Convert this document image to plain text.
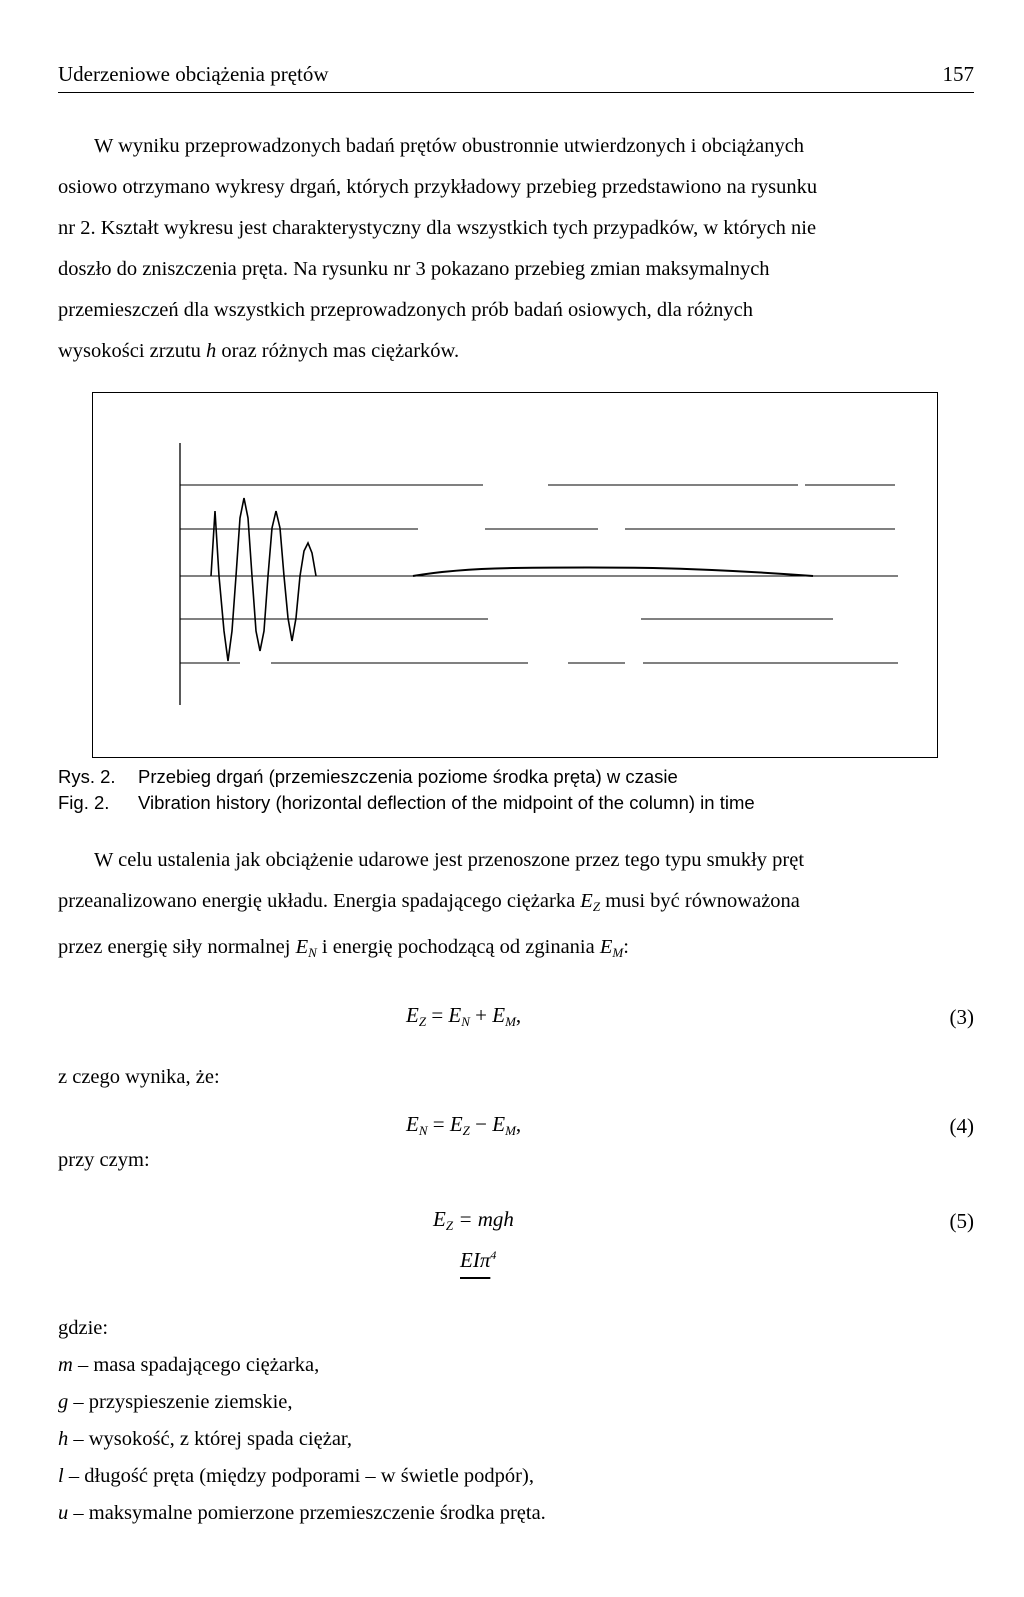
Uderzeniowe obciążenia prętów	157
W wyniku przeprowadzonych badań prętów obustronnie utwierdzonych i obciążanych
osiowo otrzymano wykresy drgań, których przykładowy przebieg przedstawiono na rysunku
nr 2. Kształt wykresu jest charakterystyczny dla wszystkich tych przypadków, w których nie
doszło do zniszczenia pręta. Na rysunku nr 3 pokazano przebieg zmian maksymalnych
przemieszczeń dla wszystkich przeprowadzonych prób badań osiowych, dla różnych
wysokości zrzutu h oraz różnych mas ciężarków.
Rys. 2. Przebieg drgań (przemieszczenia poziome środka pręta) w czasie
Fig. 2. Vibration history (horizontal deflection of the midpoint of the column) in time
W celu ustalenia jak obciążenie udarowe jest przenoszone przez tego typu smukły pręt
przeanalizowano energię układu. Energia spadającego ciężarka $E_Z$ musi być równoważona
przez energię siły normalnej $E_N$ i energię pochodzącą od zginania $E_M$:
$E_Z = E_N + E_M$,	(3)
z czego wynika, że:
$E_N = E_Z - E_M$,	(4)
przy czym:
$E_Z$ = mgh	(5)
EIπ$^4$
gdzie:
m – masa spadającego ciężarka,
g – przyspieszenie ziemskie,
h – wysokość, z której spada ciężar,
l – długość pręta (między podporami – w świetle podpór),
u – maksymalne pomierzone przemieszczenie środka pręta.
